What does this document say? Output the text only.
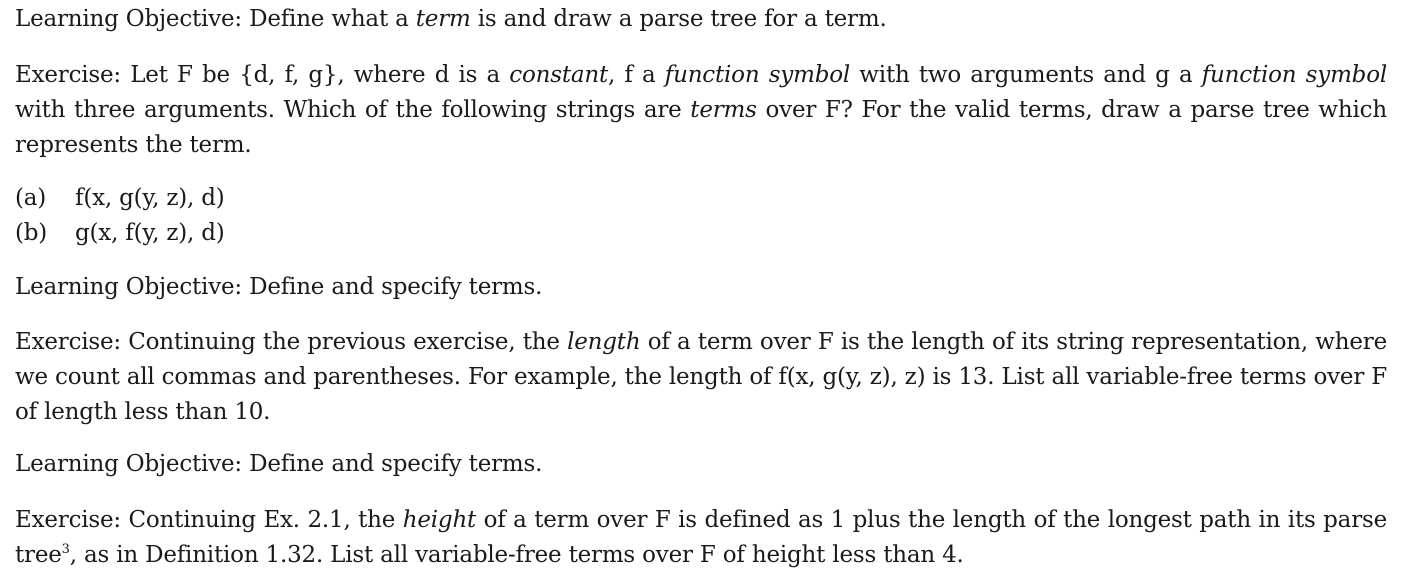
Learning Objective: Define what a term is and draw a parse tree for a term.

Exercise: Let F be {d, f, g}, where d is a constant, f a function symbol with two arguments and g a function symbol with three arguments. Which of the following strings are terms over F? For the valid terms, draw a parse tree which represents the term.

(a)	f(x, g(y, z), d)
(b)	g(x, f(y, z), d)

Learning Objective: Define and specify terms.

Exercise: Continuing the previous exercise, the length of a term over F is the length of its string representation, where we count all commas and parentheses. For example, the length of f(x, g(y, z), z) is 13. List all variable-free terms over F of length less than 10.

Learning Objective: Define and specify terms.

Exercise: Continuing Ex. 2.1, the height of a term over F is defined as 1 plus the length of the longest path in its parse tree$^3$, as in Definition 1.32. List all variable-free terms over F of height less than 4.
